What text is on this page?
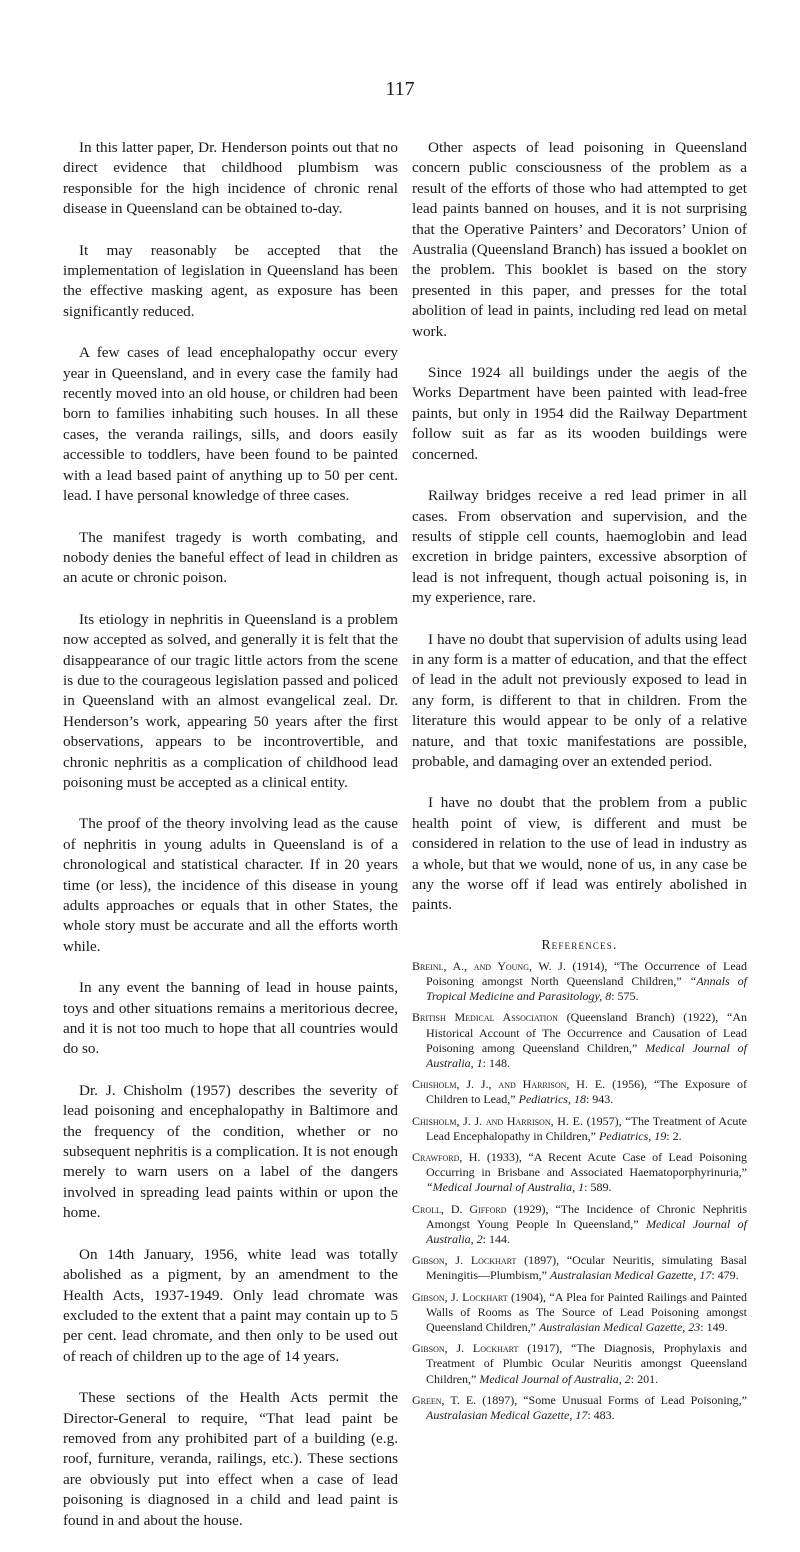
117

In this latter paper, Dr. Henderson points out that no direct evidence that childhood plumbism was responsible for the high incidence of chronic renal disease in Queensland can be obtained to-day.

It may reasonably be accepted that the implementation of legislation in Queensland has been the effective masking agent, as exposure has been significantly reduced.

A few cases of lead encephalopathy occur every year in Queensland, and in every case the family had recently moved into an old house, or children had been born to families inhabiting such houses. In all these cases, the veranda railings, sills, and doors easily accessible to toddlers, have been found to be painted with a lead based paint of anything up to 50 per cent. lead. I have personal knowledge of three cases.

The manifest tragedy is worth combating, and nobody denies the baneful effect of lead in children as an acute or chronic poison.

Its etiology in nephritis in Queensland is a problem now accepted as solved, and generally it is felt that the disappearance of our tragic little actors from the scene is due to the courageous legislation passed and policed in Queensland with an almost evangelical zeal. Dr. Henderson’s work, appearing 50 years after the first observations, appears to be incontrovertible, and chronic nephritis as a complication of childhood lead poisoning must be accepted as a clinical entity.

The proof of the theory involving lead as the cause of nephritis in young adults in Queensland is of a chronological and statistical character. If in 20 years time (or less), the incidence of this disease in young adults approaches or equals that in other States, the whole story must be accurate and all the efforts worth while.

In any event the banning of lead in house paints, toys and other situations remains a meritorious decree, and it is not too much to hope that all countries would do so.

Dr. J. Chisholm (1957) describes the severity of lead poisoning and encephalopathy in Baltimore and the frequency of the condition, whether or no subsequent nephritis is a complication. It is not enough merely to warn users on a label of the dangers involved in spreading lead paints within or upon the home.

On 14th January, 1956, white lead was totally abolished as a pigment, by an amendment to the Health Acts, 1937-1949. Only lead chromate was excluded to the extent that a paint may contain up to 5 per cent. lead chromate, and then only to be used out of reach of children up to the age of 14 years.

These sections of the Health Acts permit the Director-General to require, “That lead paint be removed from any prohibited part of a building (e.g. roof, furniture, veranda, railings, etc.). These sections are obviously put into effect when a case of lead poisoning is diagnosed in a child and lead paint is found in and about the house.

Other aspects of lead poisoning in Queensland concern public consciousness of the problem as a result of the efforts of those who had attempted to get lead paints banned on houses, and it is not surprising that the Operative Painters’ and Decorators’ Union of Australia (Queensland Branch) has issued a booklet on the problem. This booklet is based on the story presented in this paper, and presses for the total abolition of lead in paints, including red lead on metal work.

Since 1924 all buildings under the aegis of the Works Department have been painted with lead-free paints, but only in 1954 did the Railway Department follow suit as far as its wooden buildings were concerned.

Railway bridges receive a red lead primer in all cases. From observation and supervision, and the results of stipple cell counts, haemoglobin and lead excretion in bridge painters, excessive absorption of lead is not infrequent, though actual poisoning is, in my experience, rare.

I have no doubt that supervision of adults using lead in any form is a matter of education, and that the effect of lead in the adult not previously exposed to lead in any form, is different to that in children. From the literature this would appear to be only of a relative nature, and that toxic manifestations are possible, probable, and damaging over an extended period.

I have no doubt that the problem from a public health point of view, is different and must be considered in relation to the use of lead in industry as a whole, but that we would, none of us, in any case be any the worse off if lead was entirely abolished in paints.

References.

Breinl, A., and Young, W. J. (1914), “The Occurrence of Lead Poisoning amongst North Queensland Children,” “Annals of Tropical Medicine and Parasitology, 8: 575.

British Medical Association (Queensland Branch) (1922), “An Historical Account of The Occurrence and Causation of Lead Poisoning among Queensland Children,” Medical Journal of Australia, 1: 148.

Chisholm, J. J., and Harrison, H. E. (1956), “The Exposure of Children to Lead,” Pediatrics, 18: 943.

Chisholm, J. J. and Harrison, H. E. (1957), “The Treatment of Acute Lead Encephalopathy in Children,” Pediatrics, 19: 2.

Crawford, H. (1933), “A Recent Acute Case of Lead Poisoning Occurring in Brisbane and Associated Haematoporphyrinuria,” “Medical Journal of Australia, 1: 589.

Croll, D. Gifford (1929), “The Incidence of Chronic Nephritis Amongst Young People In Queensland,” Medical Journal of Australia, 2: 144.

Gibson, J. Lockhart (1897), “Ocular Neuritis, simulating Basal Meningitis—Plumbism,” Australasian Medical Gazette, 17: 479.

Gibson, J. Lockhart (1904), “A Plea for Painted Railings and Painted Walls of Rooms as The Source of Lead Poisoning amongst Queensland Children,” Australasian Medical Gazette, 23: 149.

Gibson, J. Lockhart (1917), “The Diagnosis, Prophylaxis and Treatment of Plumbic Ocular Neuritis amongst Queensland Children,” Medical Journal of Australia, 2: 201.

Green, T. E. (1897), “Some Unusual Forms of Lead Poisoning,” Australasian Medical Gazette, 17: 483.
